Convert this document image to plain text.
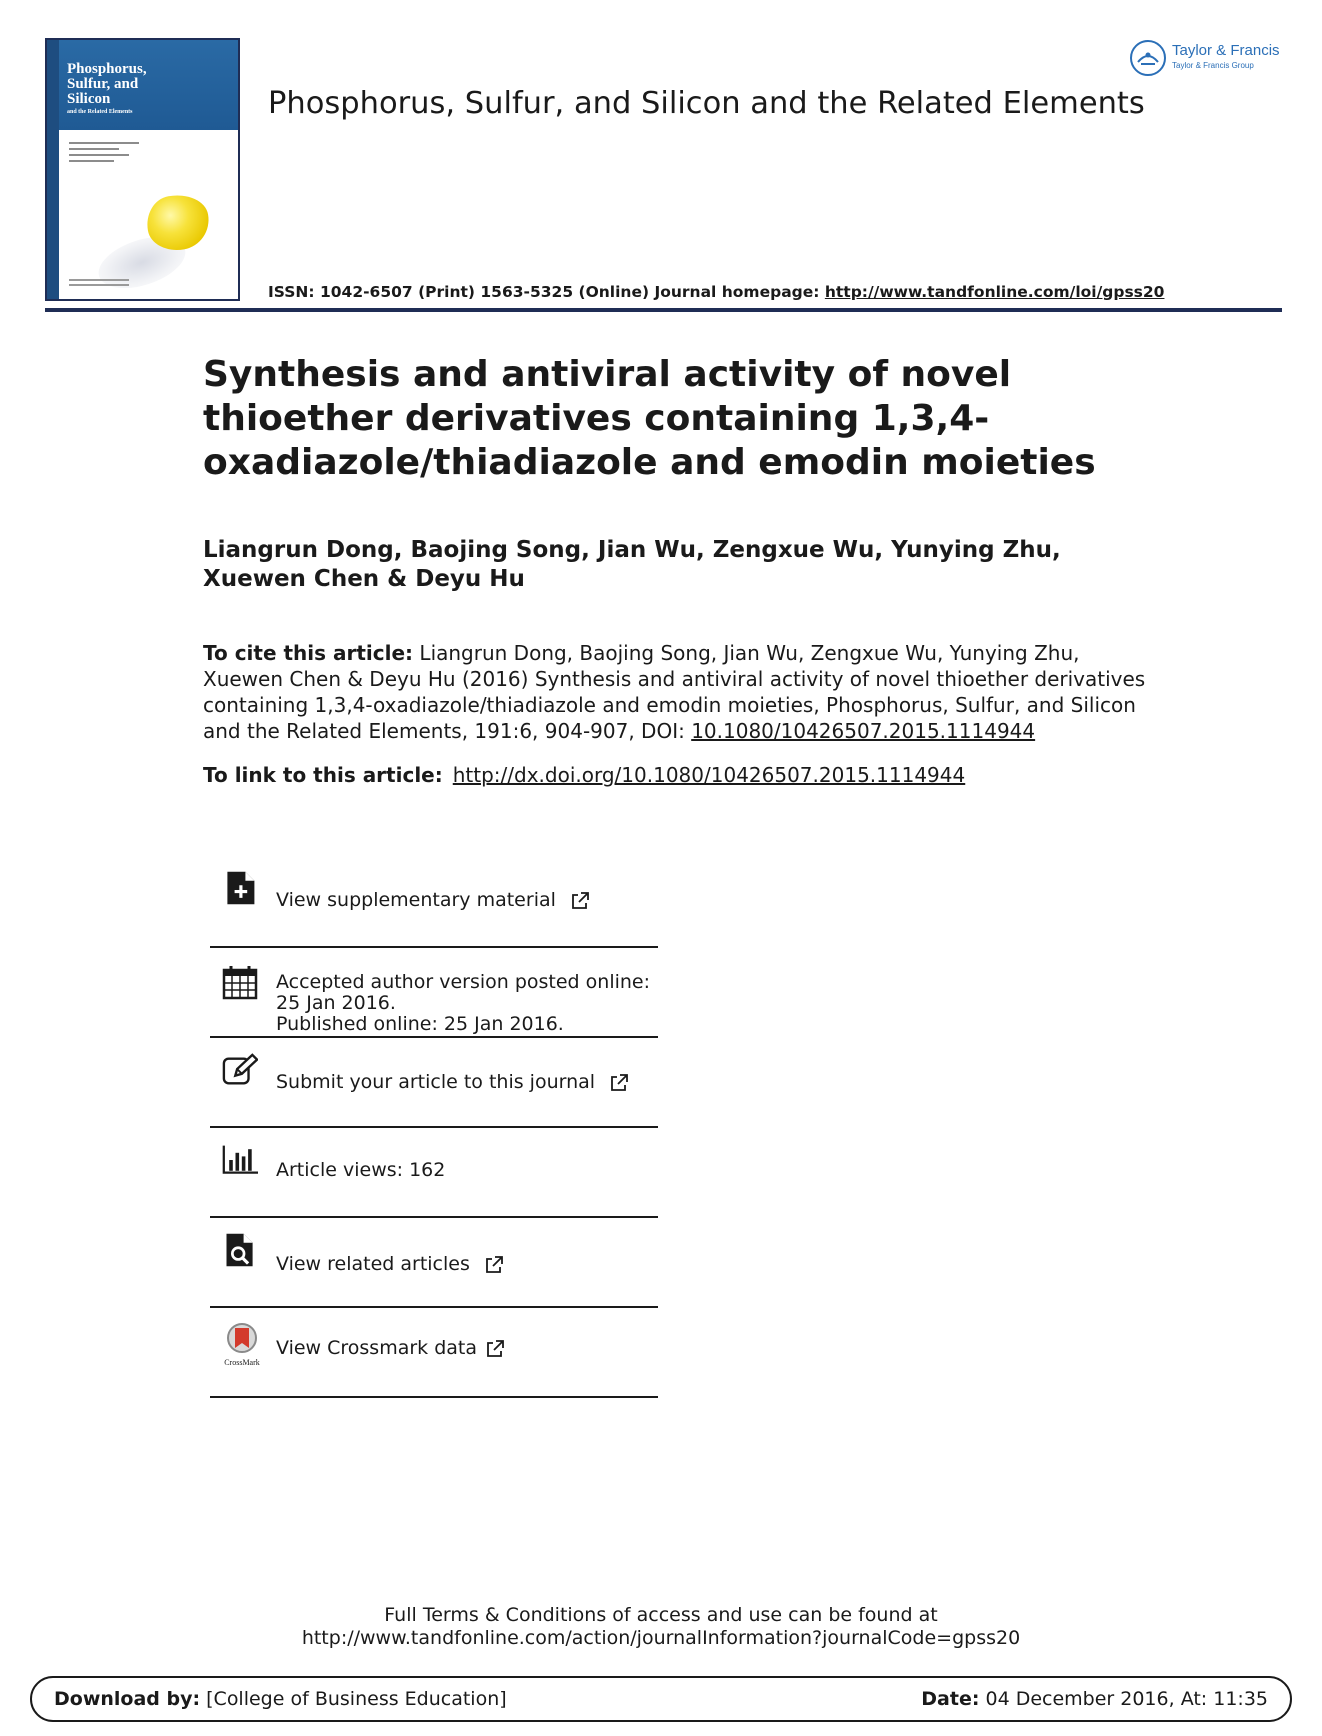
Phosphorus,
Sulfur, and
Silicon
and the Related Elements
Taylor & Francis
Taylor & Francis Group
Phosphorus, Sulfur, and Silicon and the Related Elements
ISSN: 1042-6507 (Print) 1563-5325 (Online) Journal homepage: http://www.tandfonline.com/loi/gpss20
Synthesis and antiviral activity of novel thioether derivatives containing 1,3,4-oxadiazole/thiadiazole and emodin moieties
Liangrun Dong, Baojing Song, Jian Wu, Zengxue Wu, Yunying Zhu, Xuewen Chen & Deyu Hu
To cite this article: Liangrun Dong, Baojing Song, Jian Wu, Zengxue Wu, Yunying Zhu, Xuewen Chen & Deyu Hu (2016) Synthesis and antiviral activity of novel thioether derivatives containing 1,3,4-oxadiazole/thiadiazole and emodin moieties, Phosphorus, Sulfur, and Silicon and the Related Elements, 191:6, 904-907, DOI: 10.1080/10426507.2015.1114944
To link to this article: http://dx.doi.org/10.1080/10426507.2015.1114944
View supplementary material
Accepted author version posted online: 25 Jan 2016.
Published online: 25 Jan 2016.
Submit your article to this journal
Article views: 162
View related articles
CrossMark
View Crossmark data
Full Terms & Conditions of access and use can be found at
http://www.tandfonline.com/action/journalInformation?journalCode=gpss20
Download by: [College of Business Education]	Date: 04 December 2016, At: 11:35
